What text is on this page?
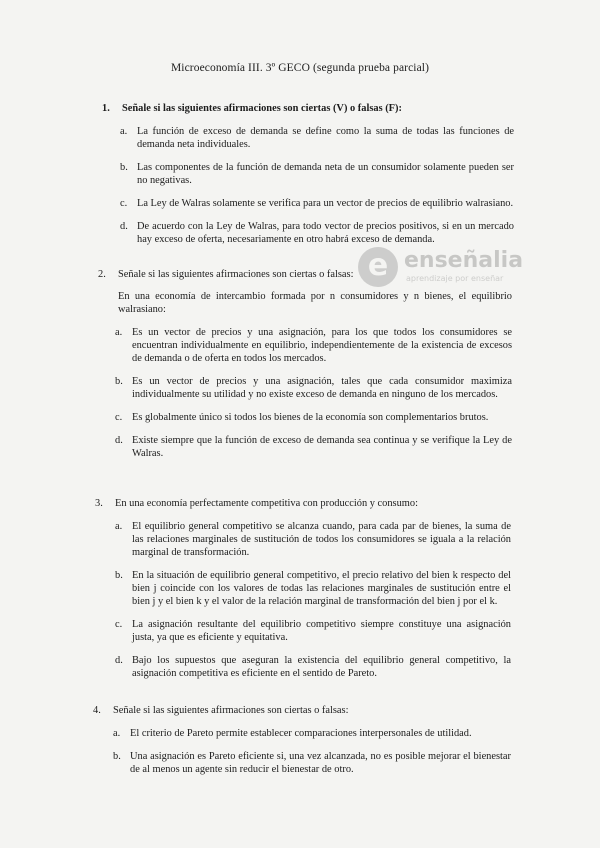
Microeconomía III. 3º GECO (segunda prueba parcial)
1. Señale si las siguientes afirmaciones son ciertas (V) o falsas (F):
a. La función de exceso de demanda se define como la suma de todas las funciones de demanda neta individuales.
b. Las componentes de la función de demanda neta de un consumidor solamente pueden ser no negativas.
c. La Ley de Walras solamente se verifica para un vector de precios de equilibrio walrasiano.
d. De acuerdo con la Ley de Walras, para todo vector de precios positivos, si en un mercado hay exceso de oferta, necesariamente en otro habrá exceso de demanda.
e enseñalia
aprendizaje por enseñar
2. Señale si las siguientes afirmaciones son ciertas o falsas:
En una economía de intercambio formada por n consumidores y n bienes, el equilibrio walrasiano:
a. Es un vector de precios y una asignación, para los que todos los consumidores se encuentran individualmente en equilibrio, independientemente de la existencia de excesos de demanda o de oferta en todos los mercados.
b. Es un vector de precios y una asignación, tales que cada consumidor maximiza individualmente su utilidad y no existe exceso de demanda en ninguno de los mercados.
c. Es globalmente único si todos los bienes de la economía son complementarios brutos.
d. Existe siempre que la función de exceso de demanda sea continua y se verifique la Ley de Walras.
3. En una economía perfectamente competitiva con producción y consumo:
a. El equilibrio general competitivo se alcanza cuando, para cada par de bienes, la suma de las relaciones marginales de sustitución de todos los consumidores se iguala a la relación marginal de transformación.
b. En la situación de equilibrio general competitivo, el precio relativo del bien k respecto del bien j coincide con los valores de todas las relaciones marginales de sustitución entre el bien j y el bien k y el valor de la relación marginal de transformación del bien j por el k.
c. La asignación resultante del equilibrio competitivo siempre constituye una asignación justa, ya que es eficiente y equitativa.
d. Bajo los supuestos que aseguran la existencia del equilibrio general competitivo, la asignación competitiva es eficiente en el sentido de Pareto.
4. Señale si las siguientes afirmaciones son ciertas o falsas:
a. El criterio de Pareto permite establecer comparaciones interpersonales de utilidad.
b. Una asignación es Pareto eficiente si, una vez alcanzada, no es posible mejorar el bienestar de al menos un agente sin reducir el bienestar de otro.
